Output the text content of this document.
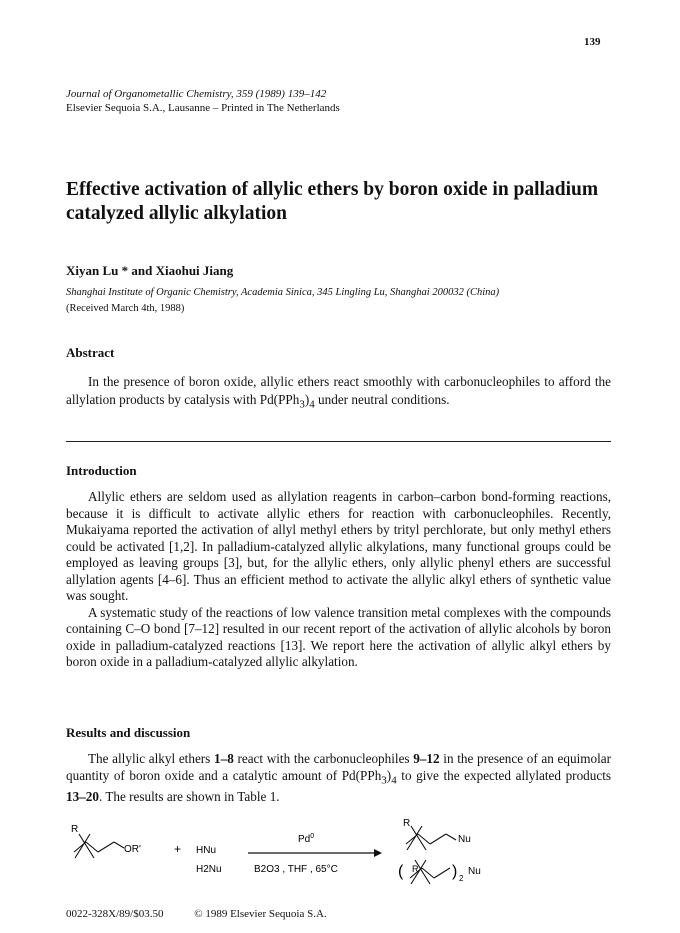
139
Journal of Organometallic Chemistry, 359 (1989) 139–142
Elsevier Sequoia S.A., Lausanne – Printed in The Netherlands
Effective activation of allylic ethers by boron oxide in palladium
catalyzed allylic alkylation
Xiyan Lu * and Xiaohui Jiang
Shanghai Institute of Organic Chemistry, Academia Sinica, 345 Lingling Lu, Shanghai 200032 (China)
(Received March 4th, 1988)
Abstract
In the presence of boron oxide, allylic ethers react smoothly with carbonucleophiles to afford the allylation products by catalysis with $Pd(PPh_3)_4$ under neutral conditions.
Introduction

Allylic ethers are seldom used as allylation reagents in carbon–carbon bond-forming reactions, because it is difficult to activate allylic ethers for reaction with carbonucleophiles. Recently, Mukaiyama reported the activation of allyl methyl ethers by trityl perchlorate, but only methyl ethers could be activated [1,2]. In palladium-catalyzed allylic alkylations, many functional groups could be employed as leaving groups [3], but, for the allylic ethers, only allylic phenyl ethers are successful allylation agents [4–6]. Thus an efficient method to activate the allylic alkyl ethers of synthetic value was sought.

A systematic study of the reactions of low valence transition metal complexes with the compounds containing C–O bond [7–12] resulted in our recent report of the activation of allylic alcohols by boron oxide in palladium-catalyzed reactions [13]. We report here the activation of allylic alkyl ethers by boron oxide in a palladium-catalyzed allylic alkylation.

Results and discussion
The allylic alkyl ethers 1–8 react with the carbonucleophiles 9–12 in the presence of an equimolar quantity of boron oxide and a catalytic amount of $Pd(PPh_3)_4$ to give the expected allylated products 13–20. The results are shown in Table 1.
R
OR'	+ HNu
H2Nu
Pd$^0$
B2O3 , THF , 65°C
R
Nu
( R ) 2
Nu
0022-328X/89/$03.50	© 1989 Elsevier Sequoia S.A.
